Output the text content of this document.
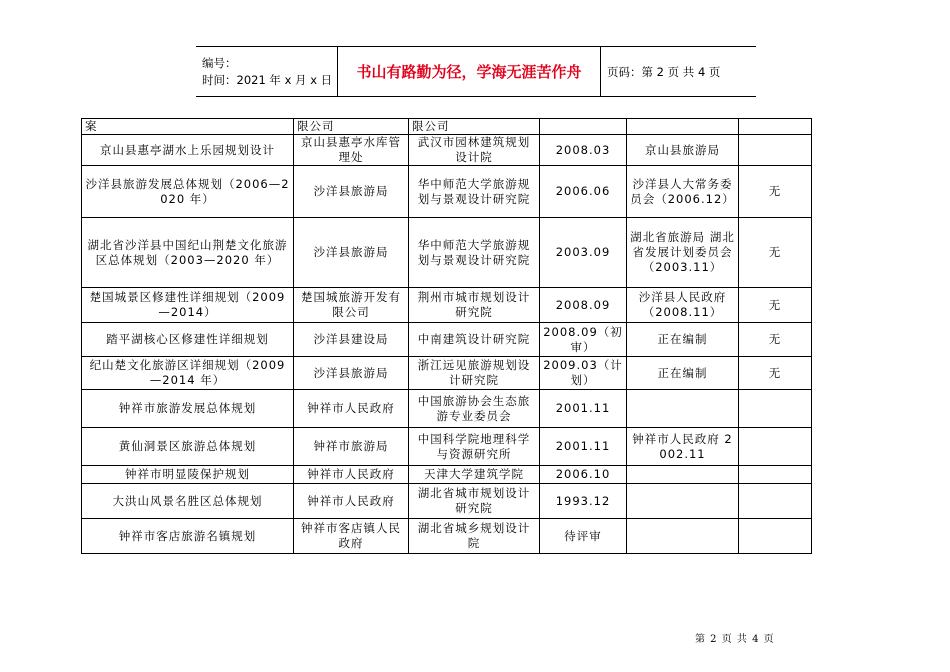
编号：
时间：2021 年 x 月 x 日	书山有路勤为径，学海无涯苦作舟 页码：第 2 页 共 4 页
案	限公司	限公司			
京山县惠亭湖水上乐园规划设计	京山县惠亭水库管理处	武汉市园林建筑规划设计院	2008.03	京山县旅游局	
沙洋县旅游发展总体规划（2006—2020 年）	沙洋县旅游局	华中师范大学旅游规划与景观设计研究院	2006.06	沙洋县人大常务委员会（2006.12）	无
湖北省沙洋县中国纪山荆楚文化旅游区总体规划（2003—2020 年）	沙洋县旅游局	华中师范大学旅游规划与景观设计研究院	2003.09	湖北省旅游局 湖北省发展计划委员会（2003.11）	无
楚国城景区修建性详细规划（2009—2014）	楚国城旅游开发有限公司	荆州市城市规划设计研究院	2008.09	沙洋县人民政府（2008.11）	无
踏平湖核心区修建性详细规划	沙洋县建设局	中南建筑设计研究院	2008.09（初审）	正在编制	无
纪山楚文化旅游区详细规划（2009—2014 年）	沙洋县旅游局	浙江远见旅游规划设计研究院	2009.03（计划）	正在编制	无
钟祥市旅游发展总体规划	钟祥市人民政府	中国旅游协会生态旅游专业委员会	2001.11		
黄仙洞景区旅游总体规划	钟祥市旅游局	中国科学院地理科学与资源研究所	2001.11	钟祥市人民政府 2002.11	
钟祥市明显陵保护规划	钟祥市人民政府	天津大学建筑学院	2006.10		
大洪山风景名胜区总体规划	钟祥市人民政府	湖北省城市规划设计研究院	1993.12		
钟祥市客店旅游名镇规划	钟祥市客店镇人民政府	湖北省城乡规划设计院	待评审		
第 2 页 共 4 页
